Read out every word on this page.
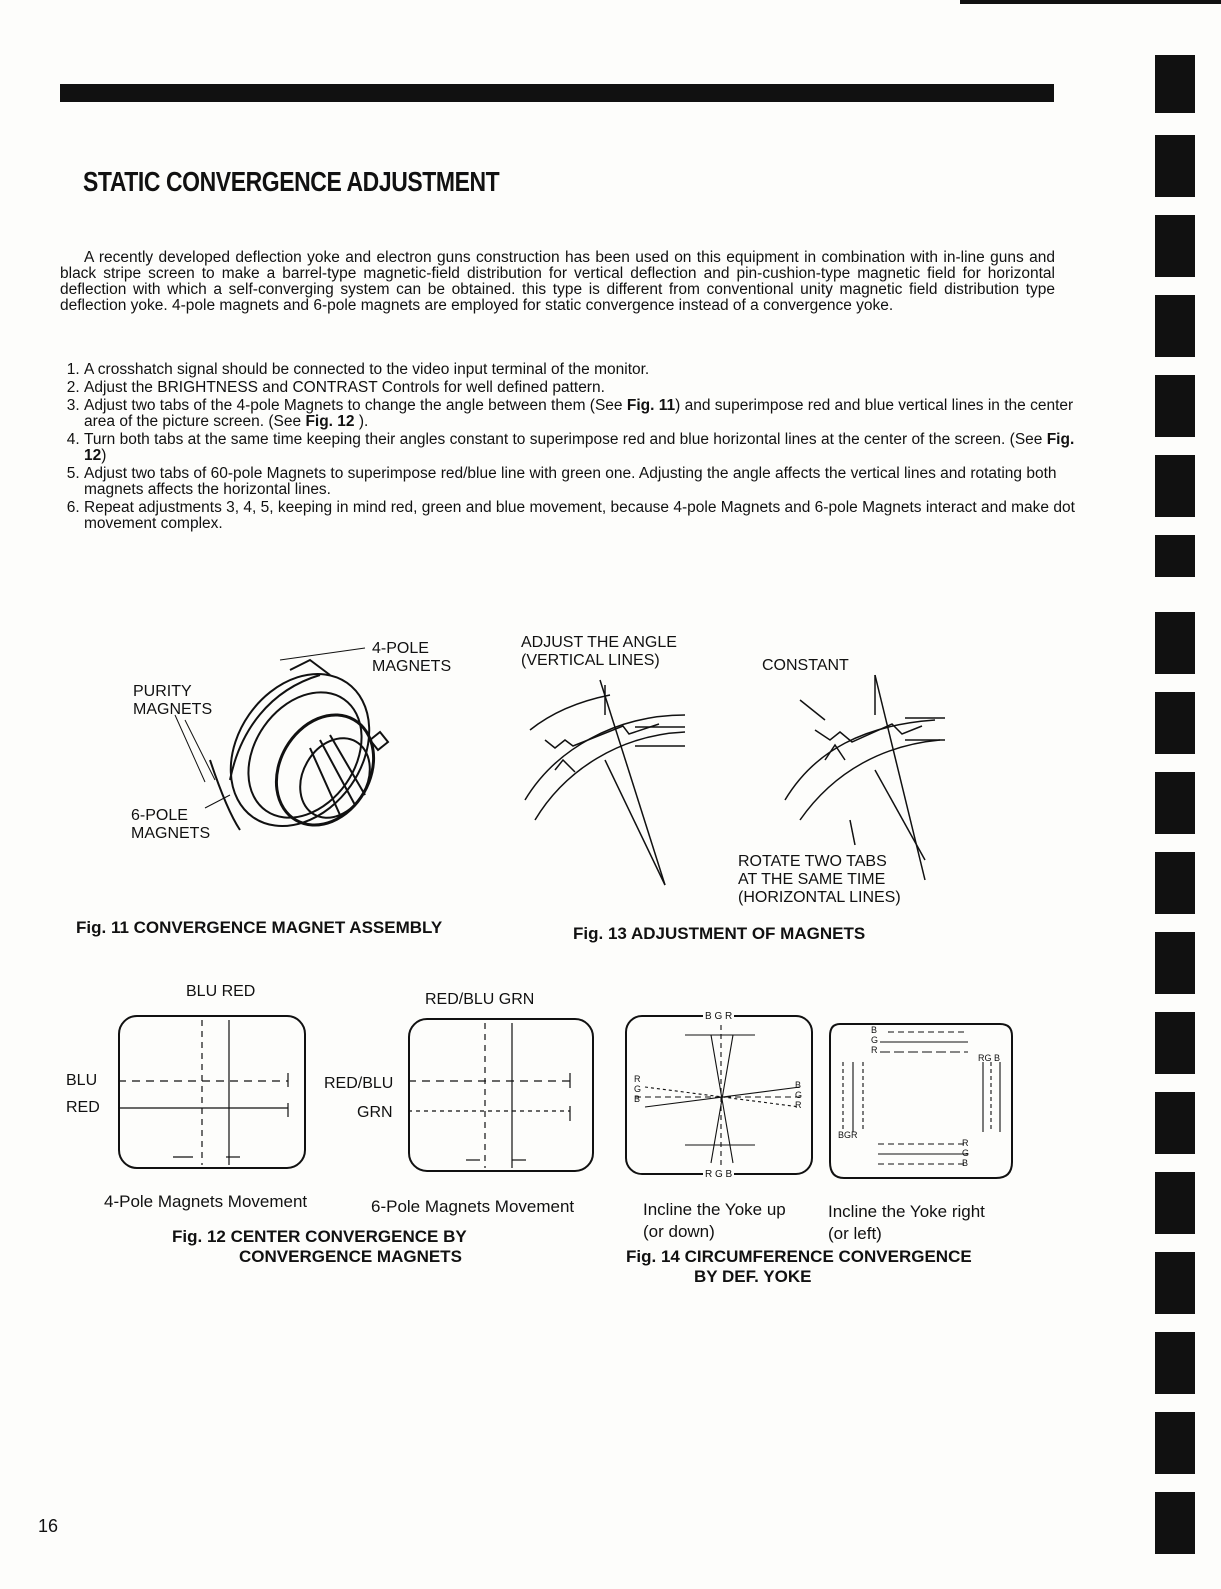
STATIC CONVERGENCE ADJUSTMENT
A recently developed deflection yoke and electron guns construction has been used on this equipment in combination with in-line guns and black stripe screen to make a barrel-type magnetic-field distribution for vertical deflection and pin-cushion-type magnetic field for horizontal deflection with which a self-converging system can be obtained. this type is different from conventional unity magnetic field distribution type deflection yoke. 4-pole magnets and 6-pole magnets are employed for static convergence instead of a convergence yoke.
1. A crosshatch signal should be connected to the video input terminal of the monitor.
2. Adjust the BRIGHTNESS and CONTRAST Controls for well defined pattern.
3. Adjust two tabs of the 4-pole Magnets to change the angle between them (See Fig. 11) and superimpose red and blue vertical lines in the center area of the picture screen. (See Fig. 12 ).
4. Turn both tabs at the same time keeping their angles constant to superimpose red and blue horizontal lines at the center of the screen. (See Fig. 12)
5. Adjust two tabs of 60-pole Magnets to superimpose red/blue line with green one. Adjusting the angle affects the vertical lines and rotating both magnets affects the horizontal lines.
6. Repeat adjustments 3, 4, 5, keeping in mind red, green and blue movement, because 4-pole Magnets and 6-pole Magnets interact and make dot movement complex.
4-POLE
MAGNETS
PURITY
MAGNETS
6-POLE
MAGNETS
Fig. 11 CONVERGENCE MAGNET ASSEMBLY
ADJUST THE ANGLE
(VERTICAL LINES)	CONSTANT
ROTATE TWO TABS
AT THE SAME TIME
(HORIZONTAL LINES)
Fig. 13 ADJUSTMENT OF MAGNETS
BLU RED	RED/BLU GRN
BLU
RED
RED/BLU
GRN
4-Pole Magnets Movement	6-Pole Magnets Movement
Fig. 12 CENTER CONVERGENCE BY
CONVERGENCE MAGNETS
B G R
R G B
R
G
B
B
G
R
B
G
R
RG B
BGR
R
G
B
Incline the Yoke up
(or down)
Incline the Yoke right
(or left)
Fig. 14 CIRCUMFERENCE CONVERGENCE
BY DEF. YOKE
16
